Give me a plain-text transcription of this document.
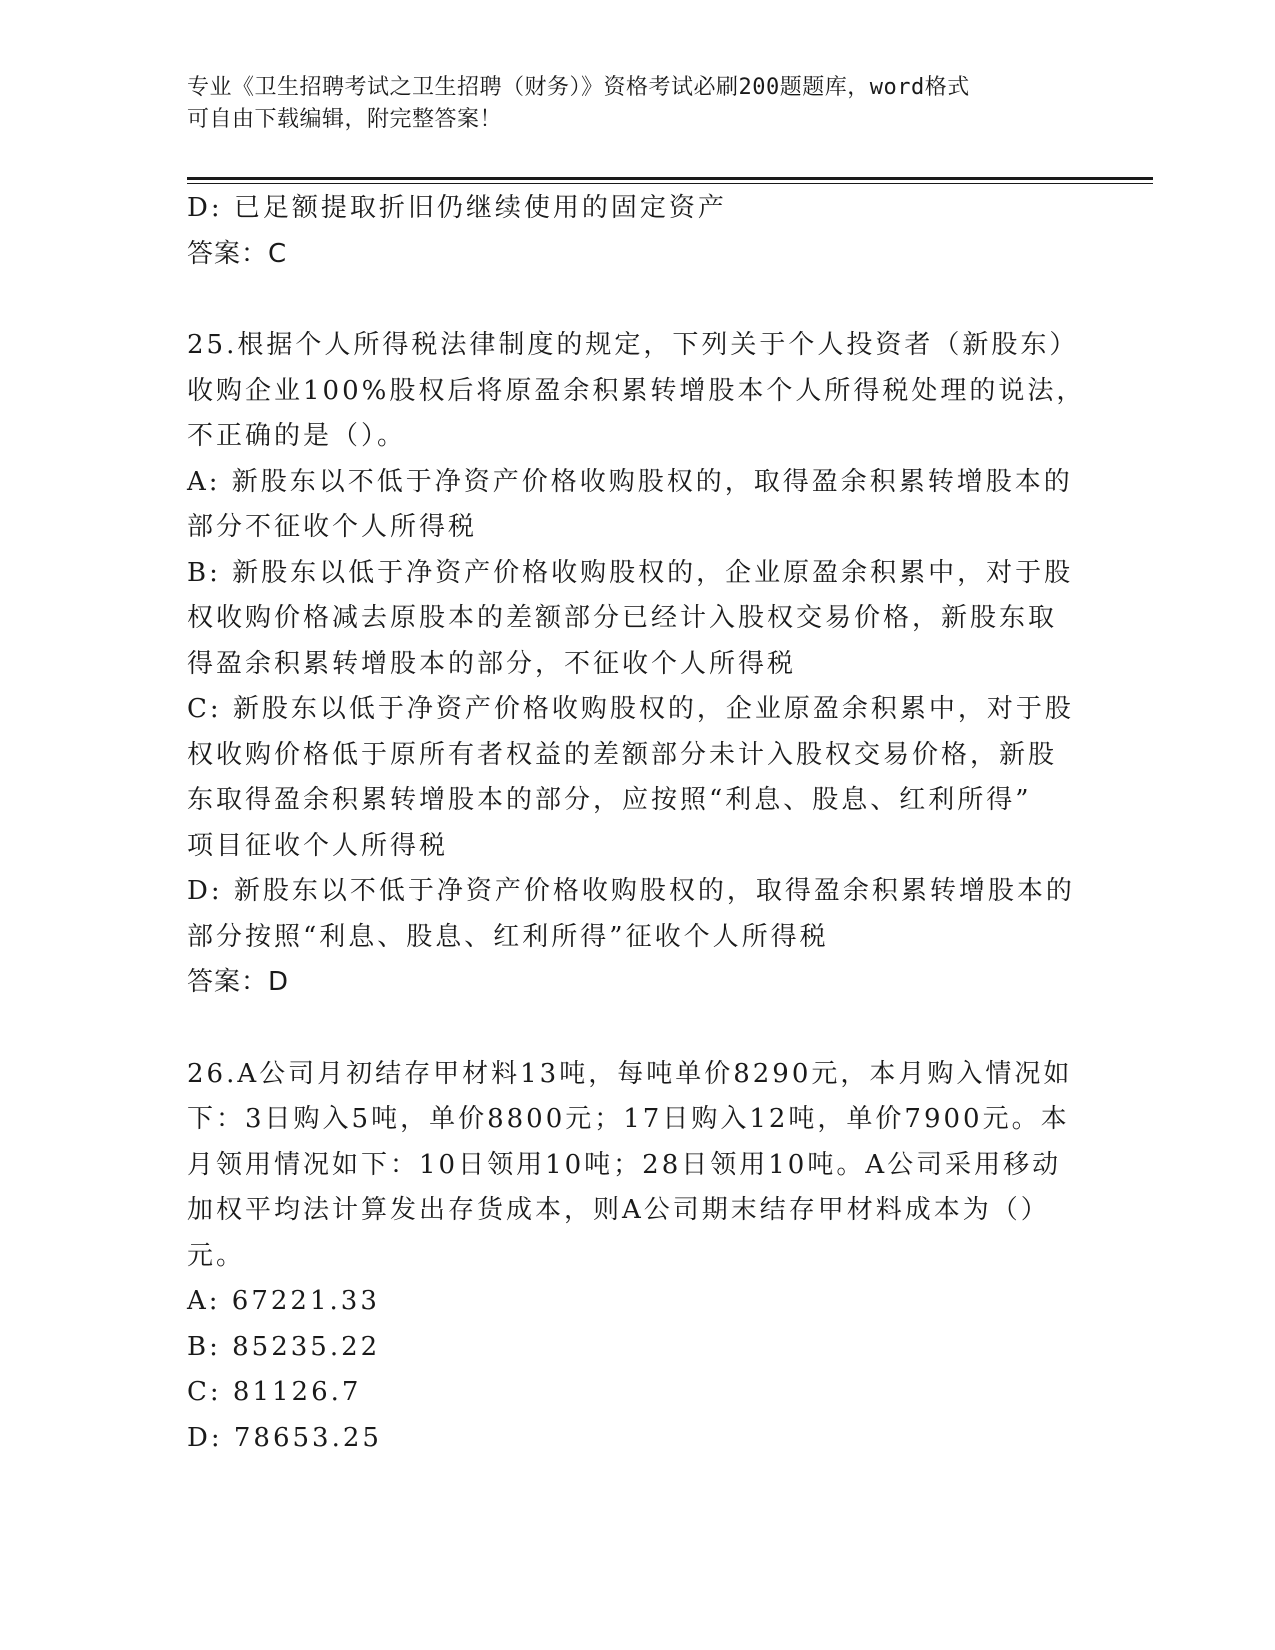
专业《卫生招聘考试之卫生招聘（财务）》资格考试必刷200题题库，word格式
可自由下载编辑，附完整答案！
D: 已足额提取折旧仍继续使用的固定资产
答案：C
25.根据个人所得税法律制度的规定，下列关于个人投资者（新股东）
收购企业100%股权后将原盈余积累转增股本个人所得税处理的说法，
不正确的是（）。
A: 新股东以不低于净资产价格收购股权的，取得盈余积累转增股本的
部分不征收个人所得税
B: 新股东以低于净资产价格收购股权的，企业原盈余积累中，对于股
权收购价格减去原股本的差额部分已经计入股权交易价格，新股东取
得盈余积累转增股本的部分，不征收个人所得税
C: 新股东以低于净资产价格收购股权的，企业原盈余积累中，对于股
权收购价格低于原所有者权益的差额部分未计入股权交易价格，新股
东取得盈余积累转增股本的部分，应按照“利息、股息、红利所得”
项目征收个人所得税
D: 新股东以不低于净资产价格收购股权的，取得盈余积累转增股本的
部分按照“利息、股息、红利所得”征收个人所得税
答案：D
26.A公司月初结存甲材料13吨，每吨单价8290元，本月购入情况如
下：3日购入5吨，单价8800元；17日购入12吨，单价7900元。本
月领用情况如下：10日领用10吨；28日领用10吨。A公司采用移动
加权平均法计算发出存货成本，则A公司期末结存甲材料成本为（）
元。
A: 67221.33
B: 85235.22
C: 81126.7
D: 78653.25
